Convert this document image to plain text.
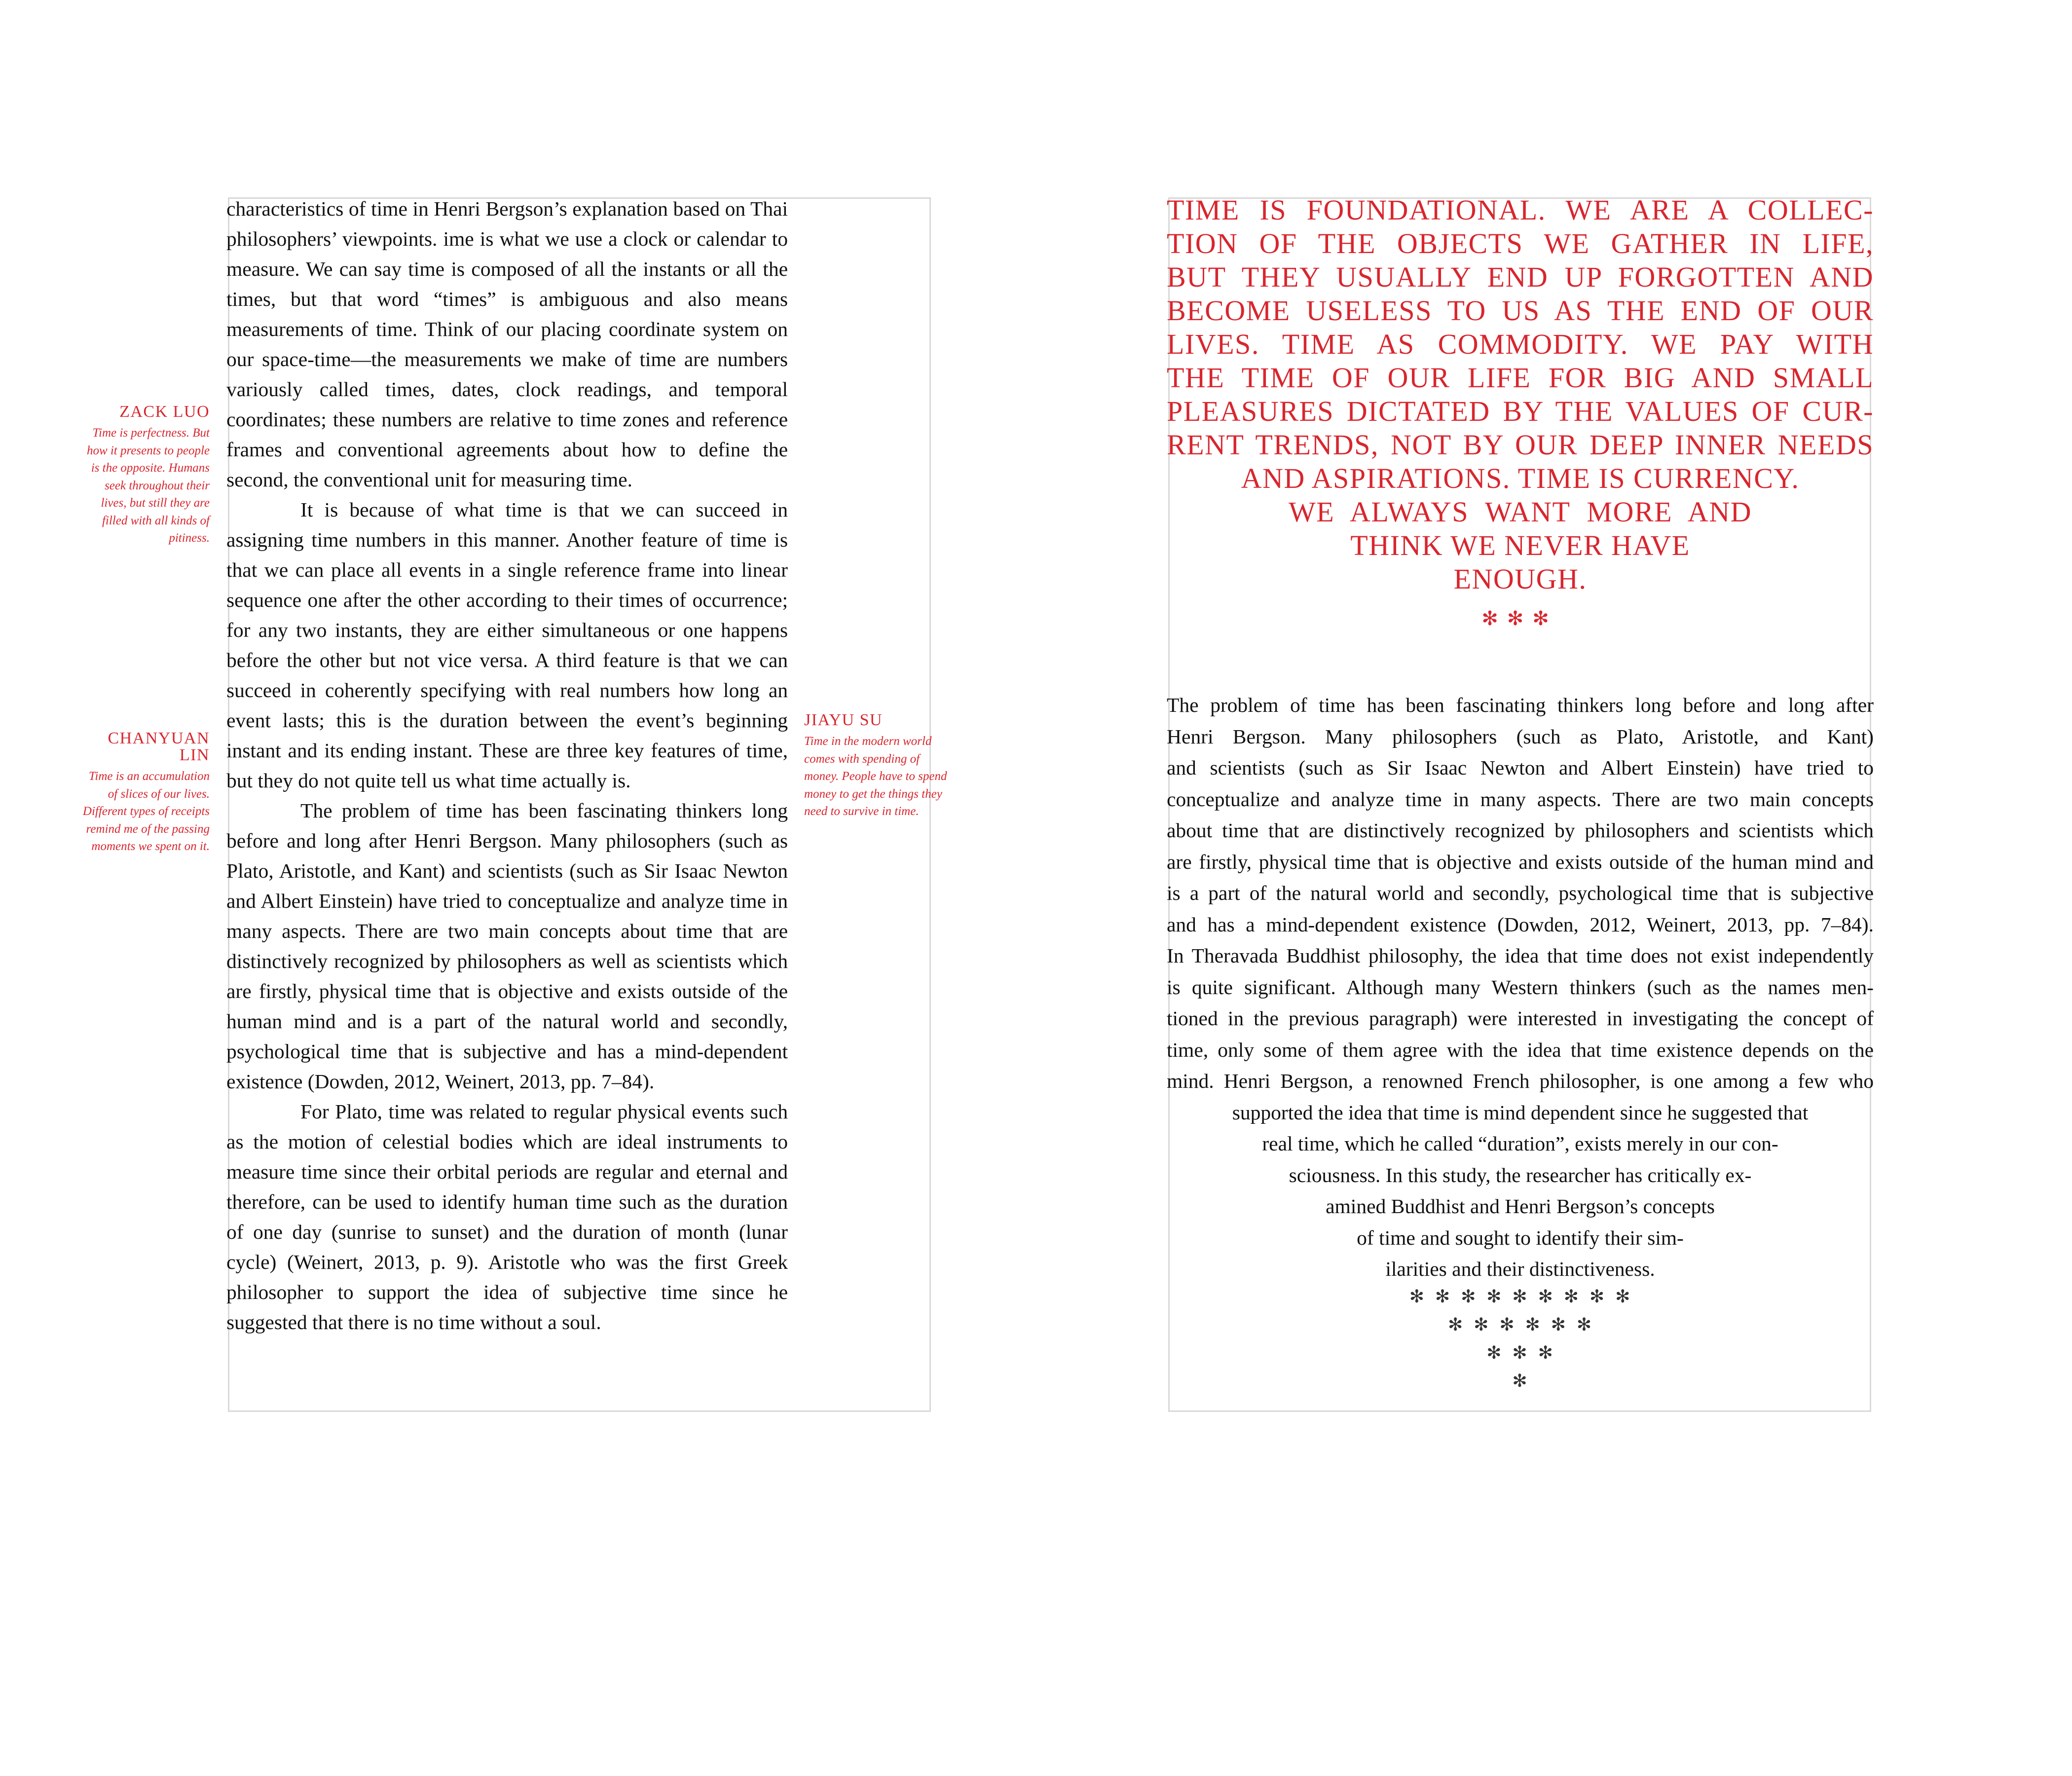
characteristics of time in Henri Bergson’s explanation based on Thai philosophers’ viewpoints. ime is what we use a clock or calendar to measure. We can say time is composed of all the instants or all the times, but that word “times” is ambiguous and also means measurements of time. Think of our placing coordinate system on our space-time—the measurements we make of time are numbers variously called times, dates, clock readings, and temporal coordinates; these numbers are relative to time zones and reference frames and conventional agreements about how to define the second, the conventional unit for measuring time.

It is because of what time is that we can succeed in assigning time numbers in this manner. Another feature of time is that we can place all events in a single reference frame into linear sequence one after the other according to their times of occurrence; for any two instants, they are either simultaneous or one happens before the other but not vice versa. A third feature is that we can succeed in coherently specifying with real numbers how long an event lasts; this is the duration between the event’s beginning instant and its ending instant. These are three key features of time, but they do not quite tell us what time actually is.

The problem of time has been fascinating thinkers long before and long after Henri Bergson. Many philosophers (such as Plato, Aristotle, and Kant) and scientists (such as Sir Isaac Newton and Albert Einstein) have tried to conceptualize and analyze time in many aspects. There are two main concepts about time that are distinctively recognized by philosophers as well as scientists which are firstly, physical time that is objective and exists outside of the human mind and is a part of the natural world and secondly, psychological time that is subjective and has a mind-dependent existence (Dowden, 2012, Weinert, 2013, pp. 7–84).

For Plato, time was related to regular physical events such as the motion of celestial bodies which are ideal instruments to measure time since their orbital periods are regular and eternal and therefore, can be used to identify human time such as the duration of one day (sunrise to sunset) and the duration of month (lunar cycle) (Weinert, 2013, p. 9). Aristotle who was the first Greek philosopher to support the idea of subjective time since he suggested that there is no time without a soul.

ZACK LUO
Time is perfectness. But how it presents to people is the opposite. Humans seek throughout their lives, but still they are filled with all kinds of pitiness.
CHANYUAN LIN
Time is an accumulation of slices of our lives. Different types of receipts remind me of the passing moments we spent on it.
JIAYU SU
Time in the modern world comes with spending of money. People have to spend money to get the things they need to survive in time.
TIME IS FOUNDATIONAL. WE ARE A COLLEC-
TION OF THE OBJECTS WE GATHER IN LIFE,
BUT THEY USUALLY END UP FORGOTTEN AND
BECOME USELESS TO US AS THE END OF OUR
LIVES. TIME AS COMMODITY. WE PAY WITH
THE TIME OF OUR LIFE FOR BIG AND SMALL
PLEASURES DICTATED BY THE VALUES OF CUR-
RENT TRENDS, NOT BY OUR DEEP INNER NEEDS
AND ASPIRATIONS. TIME IS CURRENCY.
WE ALWAYS WANT MORE AND
THINK WE NEVER HAVE
ENOUGH.
✻✻✻
The problem of time has been fascinating thinkers long before and long after
Henri Bergson. Many philosophers (such as Plato, Aristotle, and Kant)
and scientists (such as Sir Isaac Newton and Albert Einstein) have tried to
conceptualize and analyze time in many aspects. There are two main concepts
about time that are distinctively recognized by philosophers and scientists which
are firstly, physical time that is objective and exists outside of the human mind and
is a part of the natural world and secondly, psychological time that is subjective
and has a mind-dependent existence (Dowden, 2012, Weinert, 2013, pp. 7–84).
In Theravada Buddhist philosophy, the idea that time does not exist independently
is quite significant. Although many Western thinkers (such as the names men-
tioned in the previous paragraph) were interested in investigating the concept of
time, only some of them agree with the idea that time existence depends on the
mind. Henri Bergson, a renowned French philosopher, is one among a few who
supported the idea that time is mind dependent since he suggested that
real time, which he called “duration”, exists merely in our con-
sciousness. In this study, the researcher has critically ex-
amined Buddhist and Henri Bergson’s concepts
of time and sought to identify their sim-
ilarities and their distinctiveness.
✻✻✻✻✻✻✻✻✻
✻✻✻✻✻✻
✻✻✻
✻
